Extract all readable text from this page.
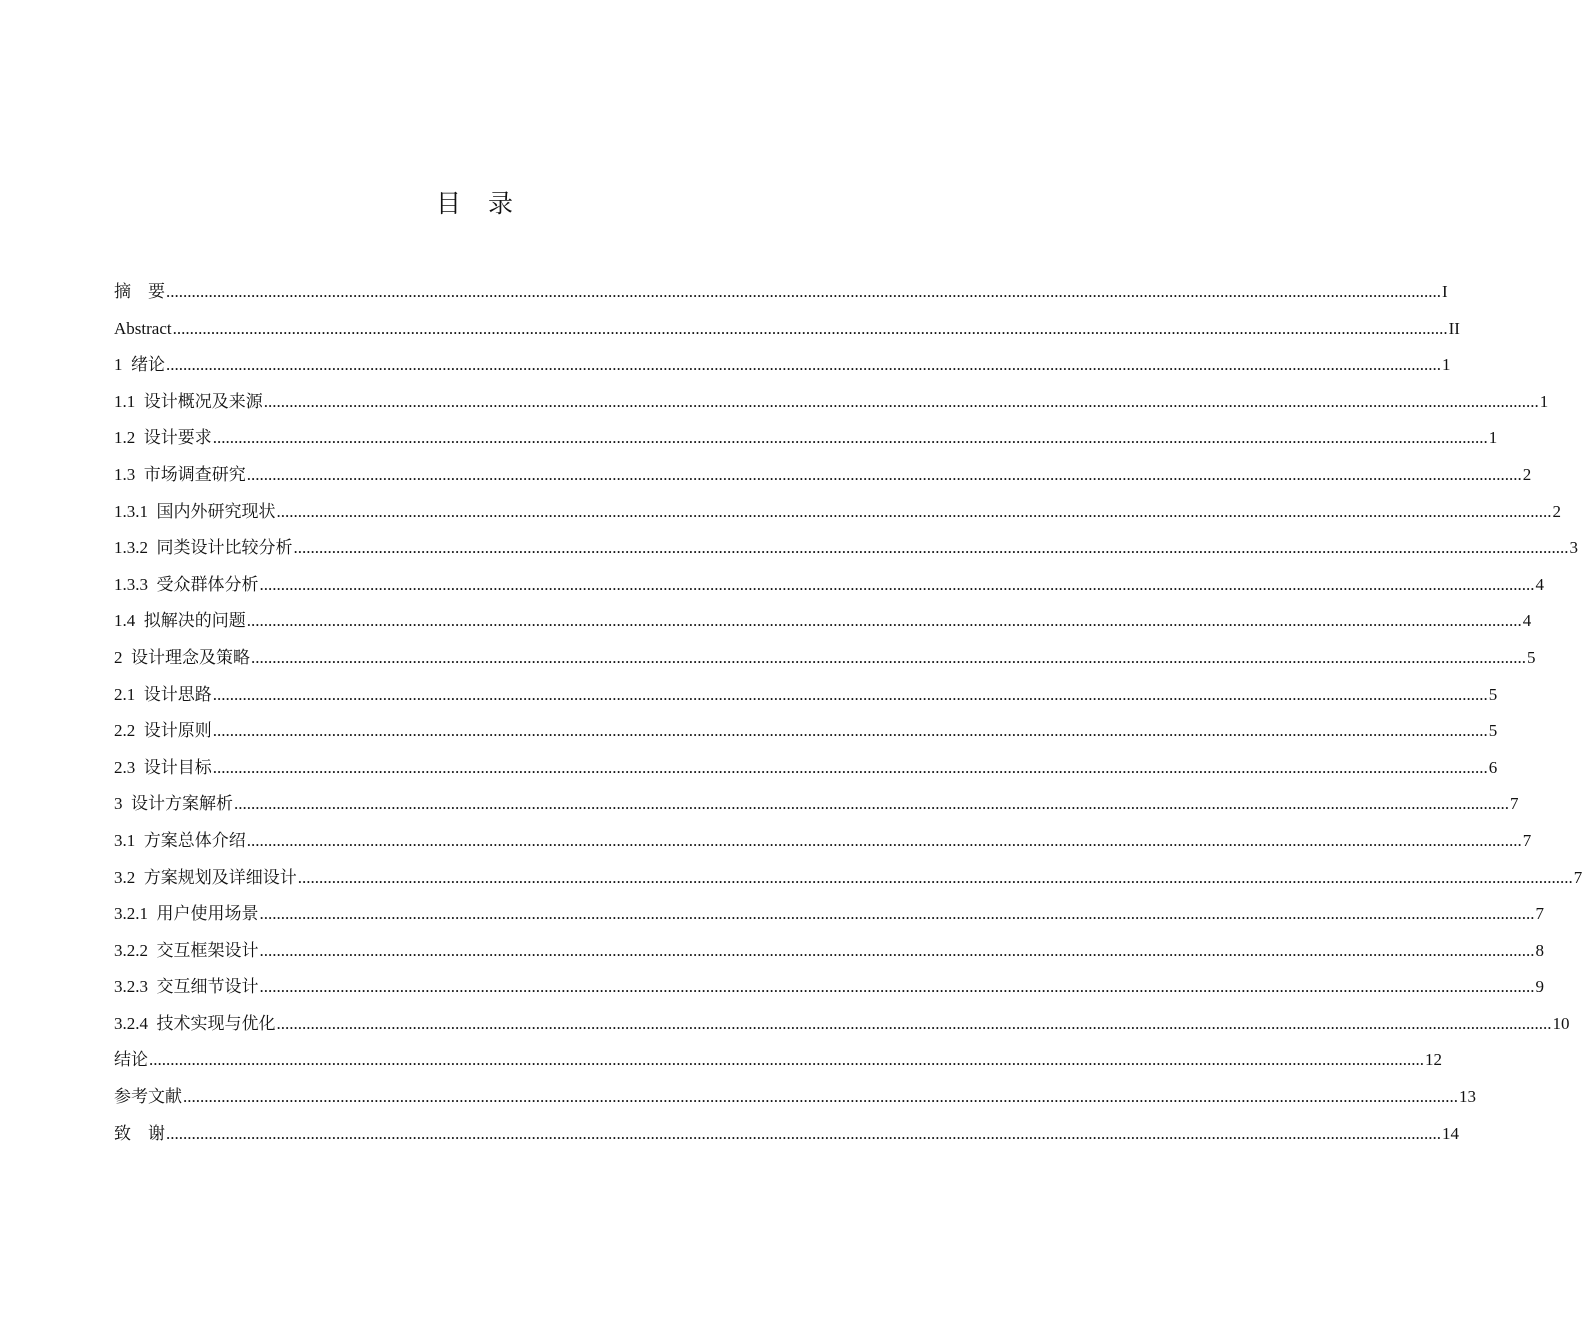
目　录
摘　要 ............................................................................................................................................................................................................................................................................................................ I
Abstract ............................................................................................................................................................................................................................................................................................................ II
1  绪论 ............................................................................................................................................................................................................................................................................................................ 1
1.1  设计概况及来源 ............................................................................................................................................................................................................................................................................................................ 1
1.2  设计要求 ............................................................................................................................................................................................................................................................................................................ 1
1.3  市场调查研究 ............................................................................................................................................................................................................................................................................................................ 2
1.3.1  国内外研究现状 ............................................................................................................................................................................................................................................................................................................ 2
1.3.2  同类设计比较分析 ............................................................................................................................................................................................................................................................................................................ 3
1.3.3  受众群体分析 ............................................................................................................................................................................................................................................................................................................ 4
1.4  拟解决的问题 ............................................................................................................................................................................................................................................................................................................ 4
2  设计理念及策略 ............................................................................................................................................................................................................................................................................................................ 5
2.1  设计思路 ............................................................................................................................................................................................................................................................................................................ 5
2.2  设计原则 ............................................................................................................................................................................................................................................................................................................ 5
2.3  设计目标 ............................................................................................................................................................................................................................................................................................................ 6
3  设计方案解析 ............................................................................................................................................................................................................................................................................................................ 7
3.1  方案总体介绍 ............................................................................................................................................................................................................................................................................................................ 7
3.2  方案规划及详细设计 ............................................................................................................................................................................................................................................................................................................ 7
3.2.1  用户使用场景 ............................................................................................................................................................................................................................................................................................................ 7
3.2.2  交互框架设计 ............................................................................................................................................................................................................................................................................................................ 8
3.2.3  交互细节设计 ............................................................................................................................................................................................................................................................................................................ 9
3.2.4  技术实现与优化 ............................................................................................................................................................................................................................................................................................................ 10
结论 ............................................................................................................................................................................................................................................................................................................ 12
参考文献 ............................................................................................................................................................................................................................................................................................................ 13
致　谢 ............................................................................................................................................................................................................................................................................................................ 14
